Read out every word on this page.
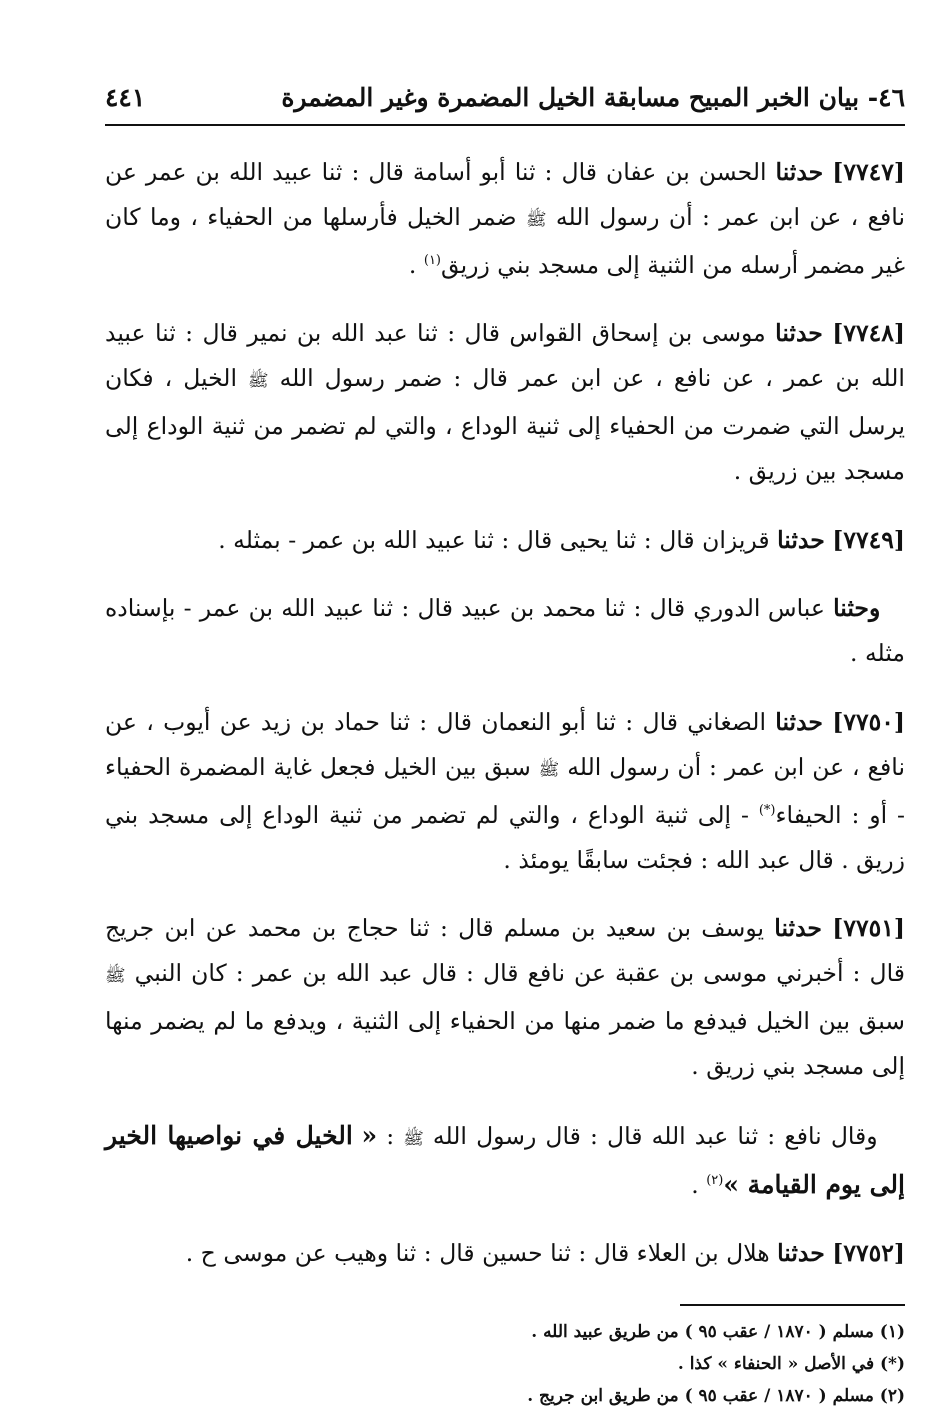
٤٦- بيان الخبر المبيح مسابقة الخيل المضمرة وغير المضمرة
٤٤١

[٧٧٤٧] حدثنا الحسن بن عفان قال : ثنا أبو أسامة قال : ثنا عبيد الله بن عمر عن نافع ، عن ابن عمر : أن رسول الله ﷺ ضمر الخيل فأرسلها من الحفياء ، وما كان غير مضمر أرسله من الثنية إلى مسجد بني زريق$^{(١)}$ .

[٧٧٤٨] حدثنا موسى بن إسحاق القواس قال : ثنا عبد الله بن نمير قال : ثنا عبيد الله بن عمر ، عن نافع ، عن ابن عمر قال : ضمر رسول الله ﷺ الخيل ، فكان يرسل التي ضمرت من الحفياء إلى ثنية الوداع ، والتي لم تضمر من ثنية الوداع إلى مسجد بين زريق .

[٧٧٤٩] حدثنا قريزان قال : ثنا يحيى قال : ثنا عبيد الله بن عمر - بمثله .

وحثنا عباس الدوري قال : ثنا محمد بن عبيد قال : ثنا عبيد الله بن عمر - بإسناده مثله .

[٧٧٥٠] حدثنا الصغاني قال : ثنا أبو النعمان قال : ثنا حماد بن زيد عن أيوب ، عن نافع ، عن ابن عمر : أن رسول الله ﷺ سبق بين الخيل فجعل غاية المضمرة الحفياء - أو : الحيفاء(*) - إلى ثنية الوداع ، والتي لم تضمر من ثنية الوداع إلى مسجد بني زريق . قال عبد الله : فجئت سابقًا يومئذ .

[٧٧٥١] حدثنا يوسف بن سعيد بن مسلم قال : ثنا حجاج بن محمد عن ابن جريج قال : أخبرني موسى بن عقبة عن نافع قال : قال عبد الله بن عمر : كان النبي ﷺ سبق بين الخيل فيدفع ما ضمر منها من الحفياء إلى الثنية ، ويدفع ما لم يضمر منها إلى مسجد بني زريق .

وقال نافع : ثنا عبد الله قال : قال رسول الله ﷺ : « الخيل في نواصيها الخير إلى يوم القيامة »$^{(٢)}$ .

[٧٧٥٢] حدثنا هلال بن العلاء قال : ثنا حسين قال : ثنا وهيب عن موسى ح .

(١) مسلم ( ١٨٧٠ / عقب ٩٥ ) من طريق عبيد الله .
(*) في الأصل « الحنفاء » كذا .
(٢) مسلم ( ١٨٧٠ / عقب ٩٥ ) من طريق ابن جريج .
